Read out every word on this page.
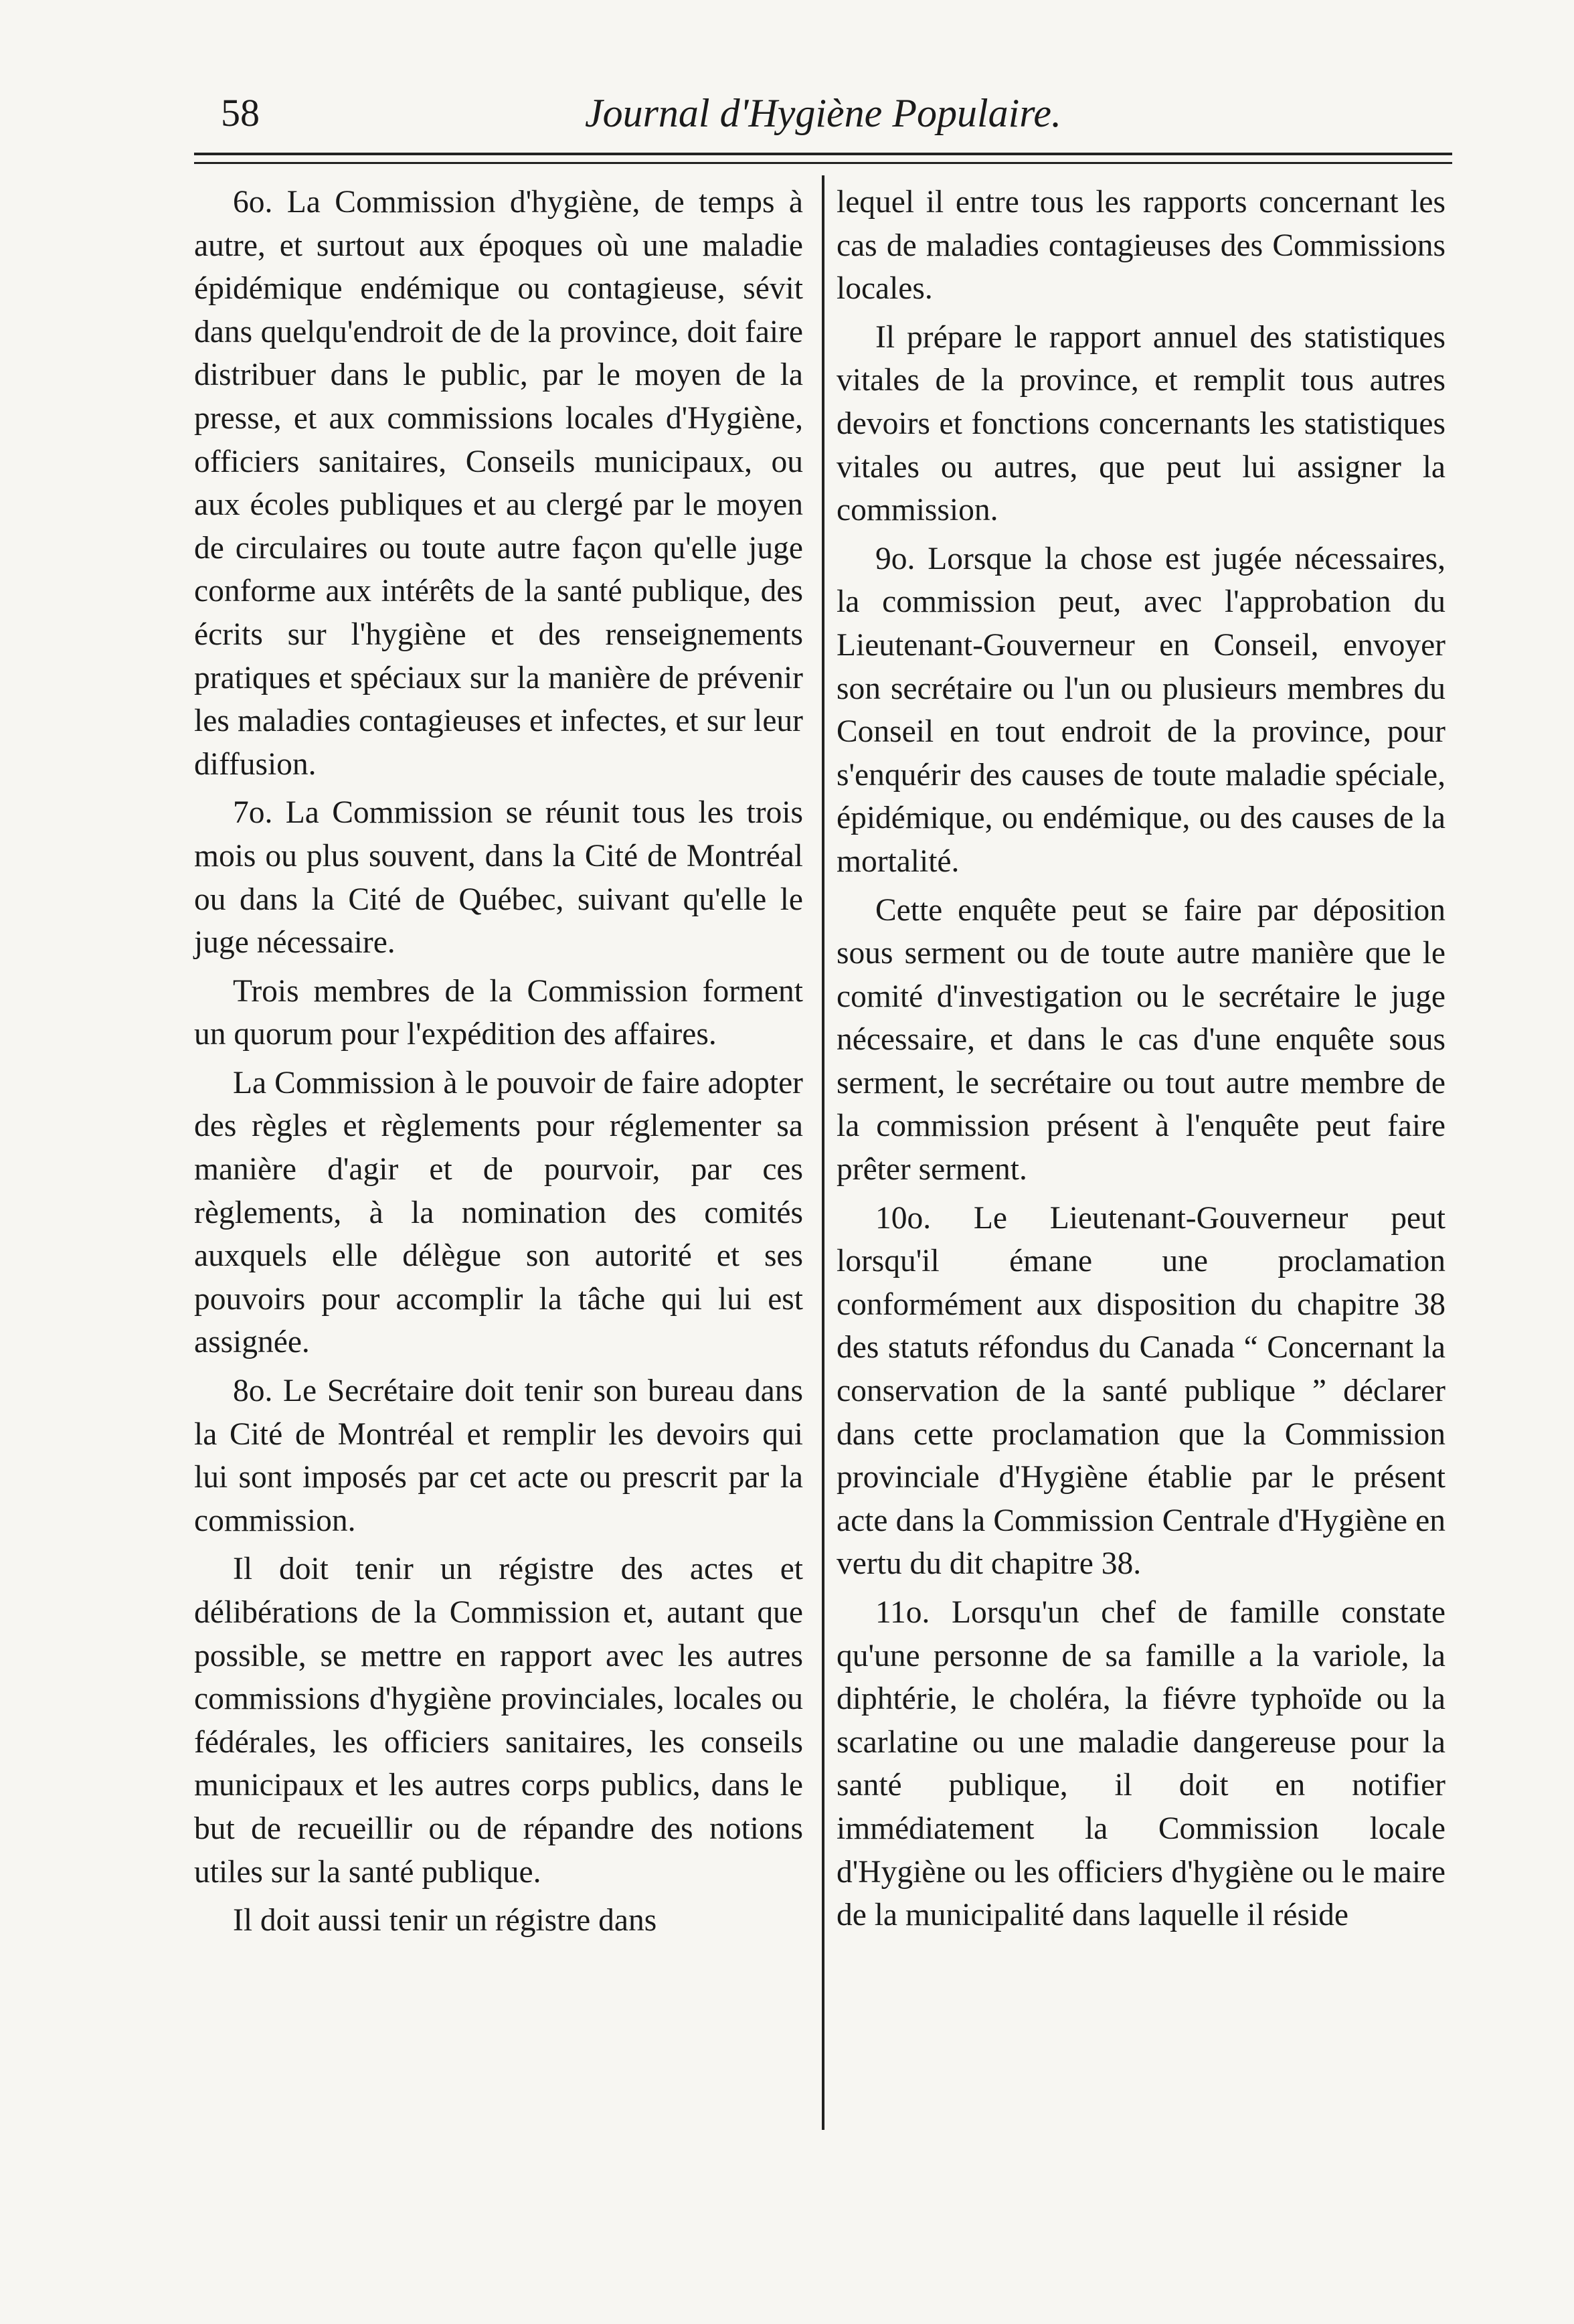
58	Journal d'Hygiène Populaire.

6o. La Commission d'hygiène, de temps à autre, et surtout aux époques où une maladie épidémique endémique ou contagieuse, sévit dans quelqu'endroit de de la province, doit faire distribuer dans le public, par le moyen de la presse, et aux commissions locales d'Hygiène, officiers sanitaires, Conseils municipaux, ou aux écoles publiques et au clergé par le moyen de circulaires ou toute autre façon qu'elle juge conforme aux intérêts de la santé publique, des écrits sur l'hygiène et des renseignements pratiques et spéciaux sur la manière de prévenir les maladies contagieuses et infectes, et sur leur diffusion.

7o. La Commission se réunit tous les trois mois ou plus souvent, dans la Cité de Montréal ou dans la Cité de Québec, suivant qu'elle le juge nécessaire.

Trois membres de la Commission forment un quorum pour l'expédition des affaires.

La Commission à le pouvoir de faire adopter des règles et règlements pour réglementer sa manière d'agir et de pourvoir, par ces règlements, à la nomination des comités auxquels elle délègue son autorité et ses pouvoirs pour accomplir la tâche qui lui est assignée.

8o. Le Secrétaire doit tenir son bureau dans la Cité de Montréal et remplir les devoirs qui lui sont imposés par cet acte ou prescrit par la commission.

Il doit tenir un régistre des actes et délibérations de la Commission et, autant que possible, se mettre en rapport avec les autres commissions d'hygiène provinciales, locales ou fédérales, les officiers sanitaires, les conseils municipaux et les autres corps publics, dans le but de recueillir ou de répandre des notions utiles sur la santé publique.

Il doit aussi tenir un régistre dans

lequel il entre tous les rapports concernant les cas de maladies contagieuses des Commissions locales.

Il prépare le rapport annuel des statistiques vitales de la province, et remplit tous autres devoirs et fonctions concernants les statistiques vitales ou autres, que peut lui assigner la commission.

9o. Lorsque la chose est jugée nécessaires, la commission peut, avec l'approbation du Lieutenant-Gouverneur en Conseil, envoyer son secrétaire ou l'un ou plusieurs membres du Conseil en tout endroit de la province, pour s'enquérir des causes de toute maladie spéciale, épidémique, ou endémique, ou des causes de la mortalité.

Cette enquête peut se faire par déposition sous serment ou de toute autre manière que le comité d'investigation ou le secrétaire le juge nécessaire, et dans le cas d'une enquête sous serment, le secrétaire ou tout autre membre de la commission présent à l'enquête peut faire prêter serment.

10o. Le Lieutenant-Gouverneur peut lorsqu'il émane une proclamation conformément aux disposition du chapitre 38 des statuts réfondus du Canada “ Concernant la conservation de la santé publique ” déclarer dans cette proclamation que la Commission provinciale d'Hygiène établie par le présent acte dans la Commission Centrale d'Hygiène en vertu du dit chapitre 38.

11o. Lorsqu'un chef de famille constate qu'une personne de sa famille a la variole, la diphtérie, le choléra, la fiévre typhoïde ou la scarlatine ou une maladie dangereuse pour la santé publique, il doit en notifier immédiatement la Commission locale d'Hygiène ou les officiers d'hygiène ou le maire de la municipalité dans laquelle il réside
